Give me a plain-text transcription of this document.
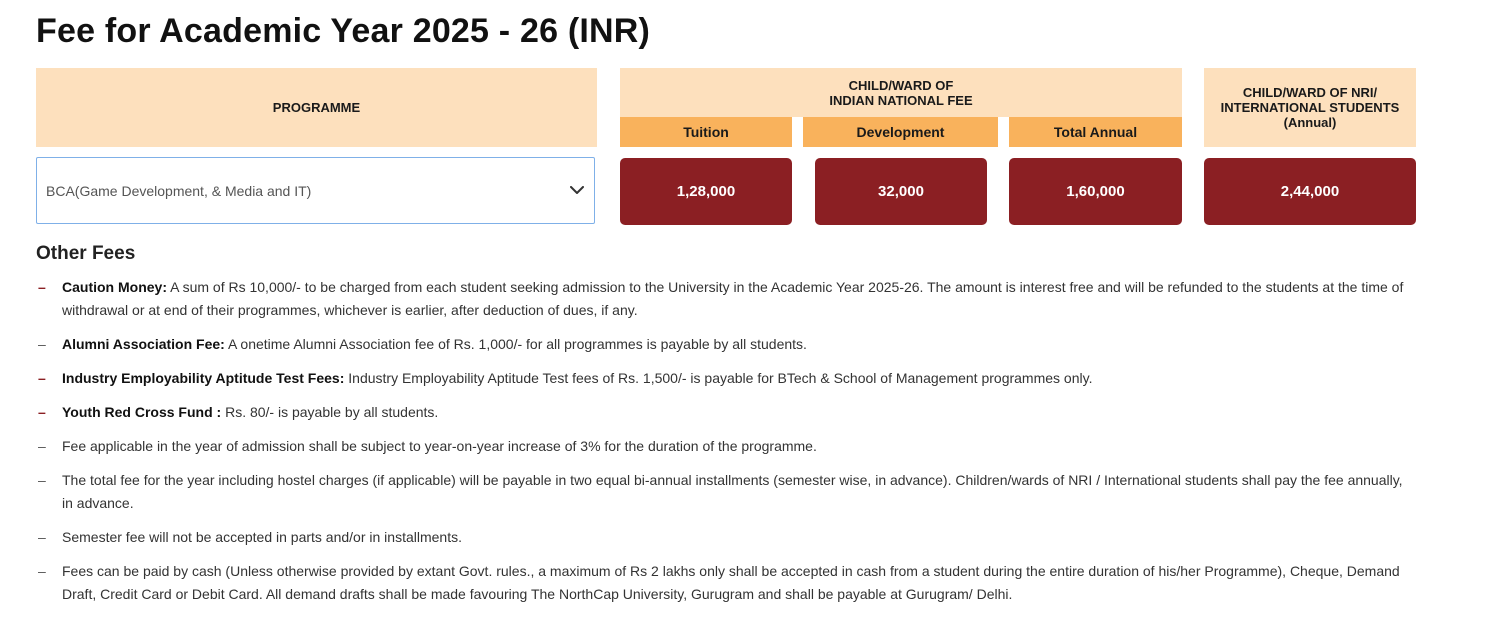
Fee for Academic Year 2025 - 26 (INR)
PROGRAMME
CHILD/WARD OF
INDIAN NATIONAL FEE
Tuition	Development	Total Annual
CHILD/WARD OF NRI/
INTERNATIONAL STUDENTS
(Annual)
BCA(Game Development, & Media and IT)	1,28,000	32,000	1,60,000	2,44,000
Other Fees
– Caution Money: A sum of Rs 10,000/- to be charged from each student seeking admission to the University in the Academic Year 2025-26. The amount is interest free and will be refunded to the students at the time of withdrawal or at end of their programmes, whichever is earlier, after deduction of dues, if any.
– Alumni Association Fee: A onetime Alumni Association fee of Rs. 1,000/- for all programmes is payable by all students.
– Industry Employability Aptitude Test Fees: Industry Employability Aptitude Test fees of Rs. 1,500/- is payable for BTech & School of Management programmes only.
– Youth Red Cross Fund : Rs. 80/- is payable by all students.
– Fee applicable in the year of admission shall be subject to year-on-year increase of 3% for the duration of the programme.
– The total fee for the year including hostel charges (if applicable) will be payable in two equal bi-annual installments (semester wise, in advance). Children/wards of NRI / International students shall pay the fee annually, in advance.
– Semester fee will not be accepted in parts and/or in installments.
– Fees can be paid by cash (Unless otherwise provided by extant Govt. rules., a maximum of Rs 2 lakhs only shall be accepted in cash from a student during the entire duration of his/her Programme), Cheque, Demand Draft, Credit Card or Debit Card. All demand drafts shall be made favouring The NorthCap University, Gurugram and shall be payable at Gurugram/ Delhi.
